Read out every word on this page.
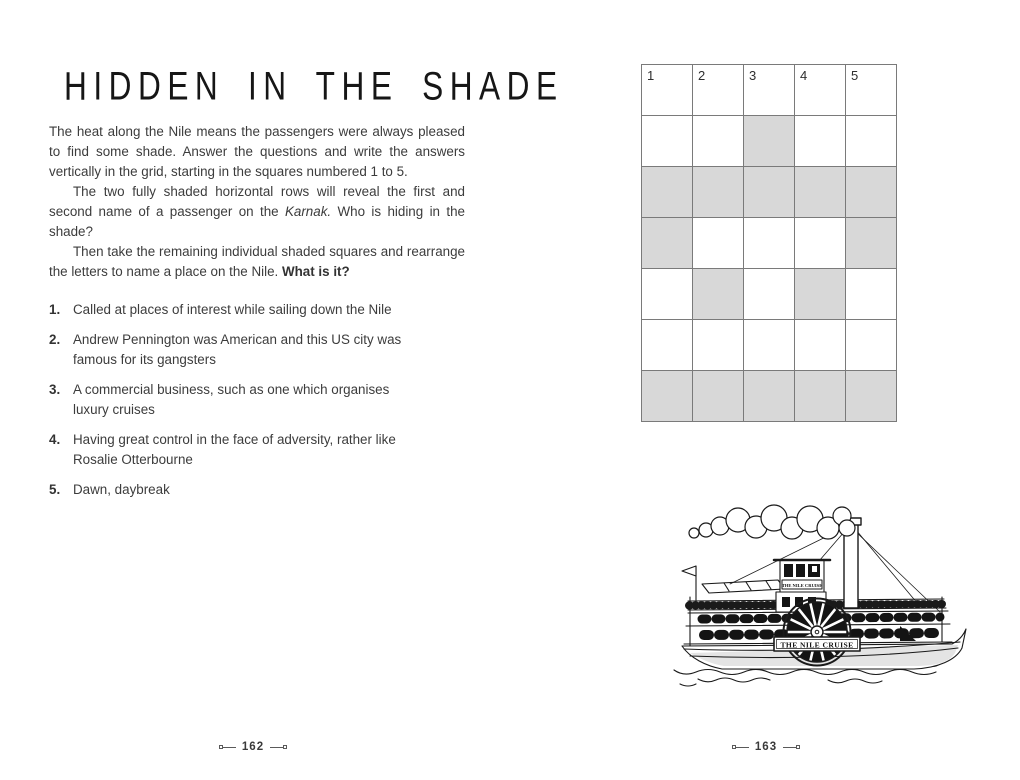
HIDDEN IN THE SHADE

The heat along the Nile means the passengers were always pleased to find some shade. Answer the questions and write the answers vertically in the grid, starting in the squares numbered 1 to 5.

The two fully shaded horizontal rows will reveal the first and second name of a passenger on the Karnak. Who is hiding in the shade?

Then take the remaining individual shaded squares and rearrange the letters to name a place on the Nile. What is it?

1. Called at places of interest while sailing down the Nile
2. Andrew Pennington was American and this US city was
famous for its gangsters
3. A commercial business, such as one which organises
luxury cruises
4. Having great control in the face of adversity, rather like
Rosalie Otterbourne
5. Dawn, daybreak
162
1	2	3	4	5
THE NILE CRUISE
THE NILE CRUISE
163
